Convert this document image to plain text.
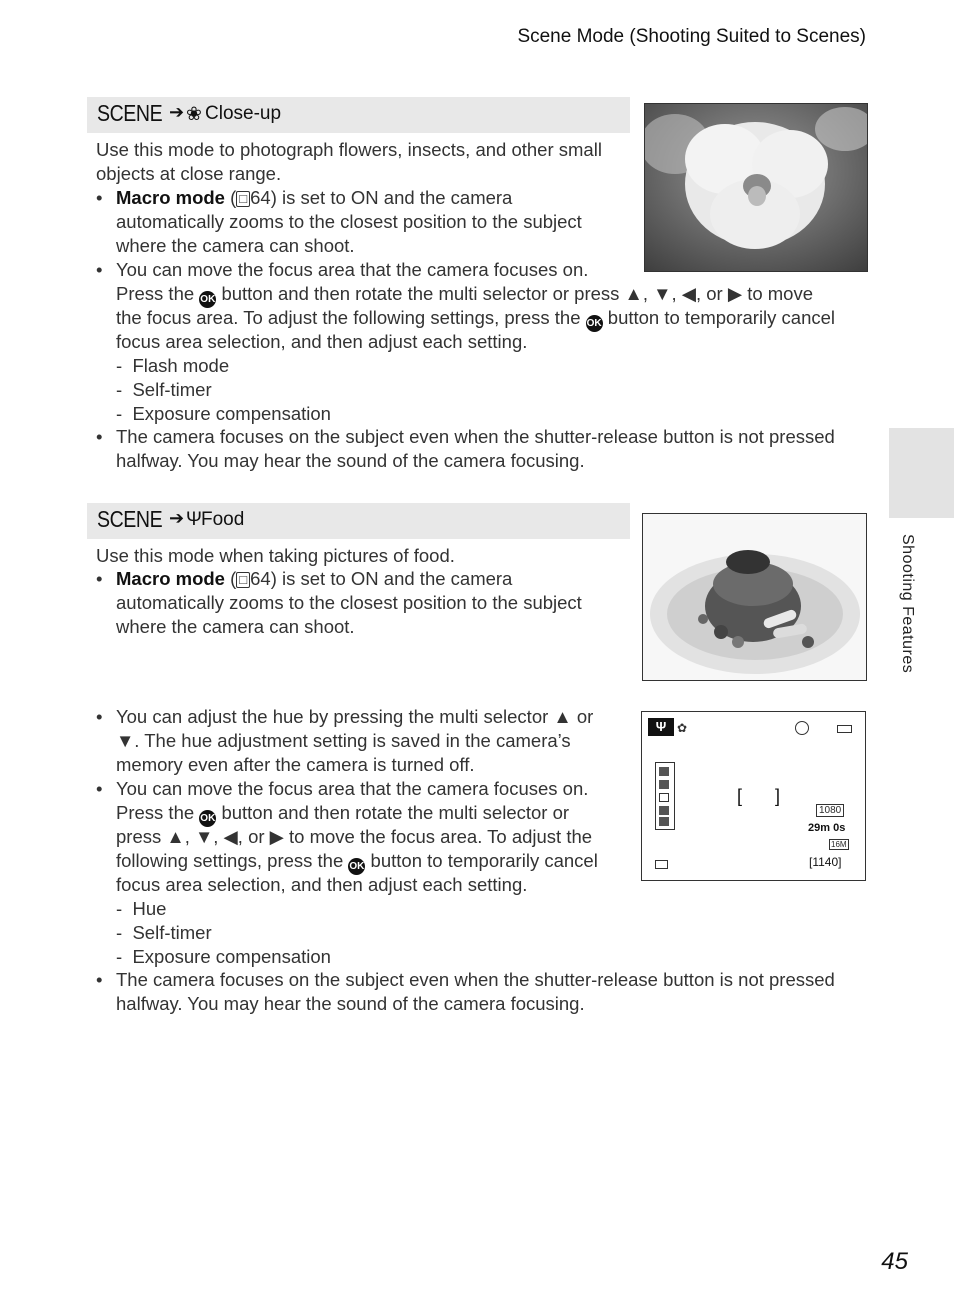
Scene Mode (Shooting Suited to Scenes)
SCENE ➔ ❀ Close-up
Use this mode to photograph flowers, insects, and other small
objects at close range.
• Macro mode ( □ 64) is set to ON and the camera
automatically zooms to the closest position to the subject
where the camera can shoot.
• You can move the focus area that the camera focuses on.
Press the OK button and then rotate the multi selector or press ▲, ▼, ◀, or ▶ to move
the focus area. To adjust the following settings, press the OK button to temporarily cancel
focus area selection, and then adjust each setting.
-  Flash mode
-  Self-timer
-  Exposure compensation
• The camera focuses on the subject even when the shutter-release button is not pressed
halfway. You may hear the sound of the camera focusing.
Shooting Features
SCENE ➔ Ψ Food
Use this mode when taking pictures of food.
• Macro mode ( □ 64) is set to ON and the camera
automatically zooms to the closest position to the subject
where the camera can shoot.
• You can adjust the hue by pressing the multi selector ▲ or
▼. The hue adjustment setting is saved in the camera’s
memory even after the camera is turned off.
• You can move the focus area that the camera focuses on.
Press the OK button and then rotate the multi selector or
press ▲, ▼, ◀, or ▶ to move the focus area. To adjust the
following settings, press the OK button to temporarily cancel
focus area selection, and then adjust each setting.
-  Hue
-  Self-timer
-  Exposure compensation
• The camera focuses on the subject even when the shutter-release button is not pressed
halfway. You may hear the sound of the camera focusing.
Ψ ✿
[ ]
1080
29m 0s
16M
[1140]
45
